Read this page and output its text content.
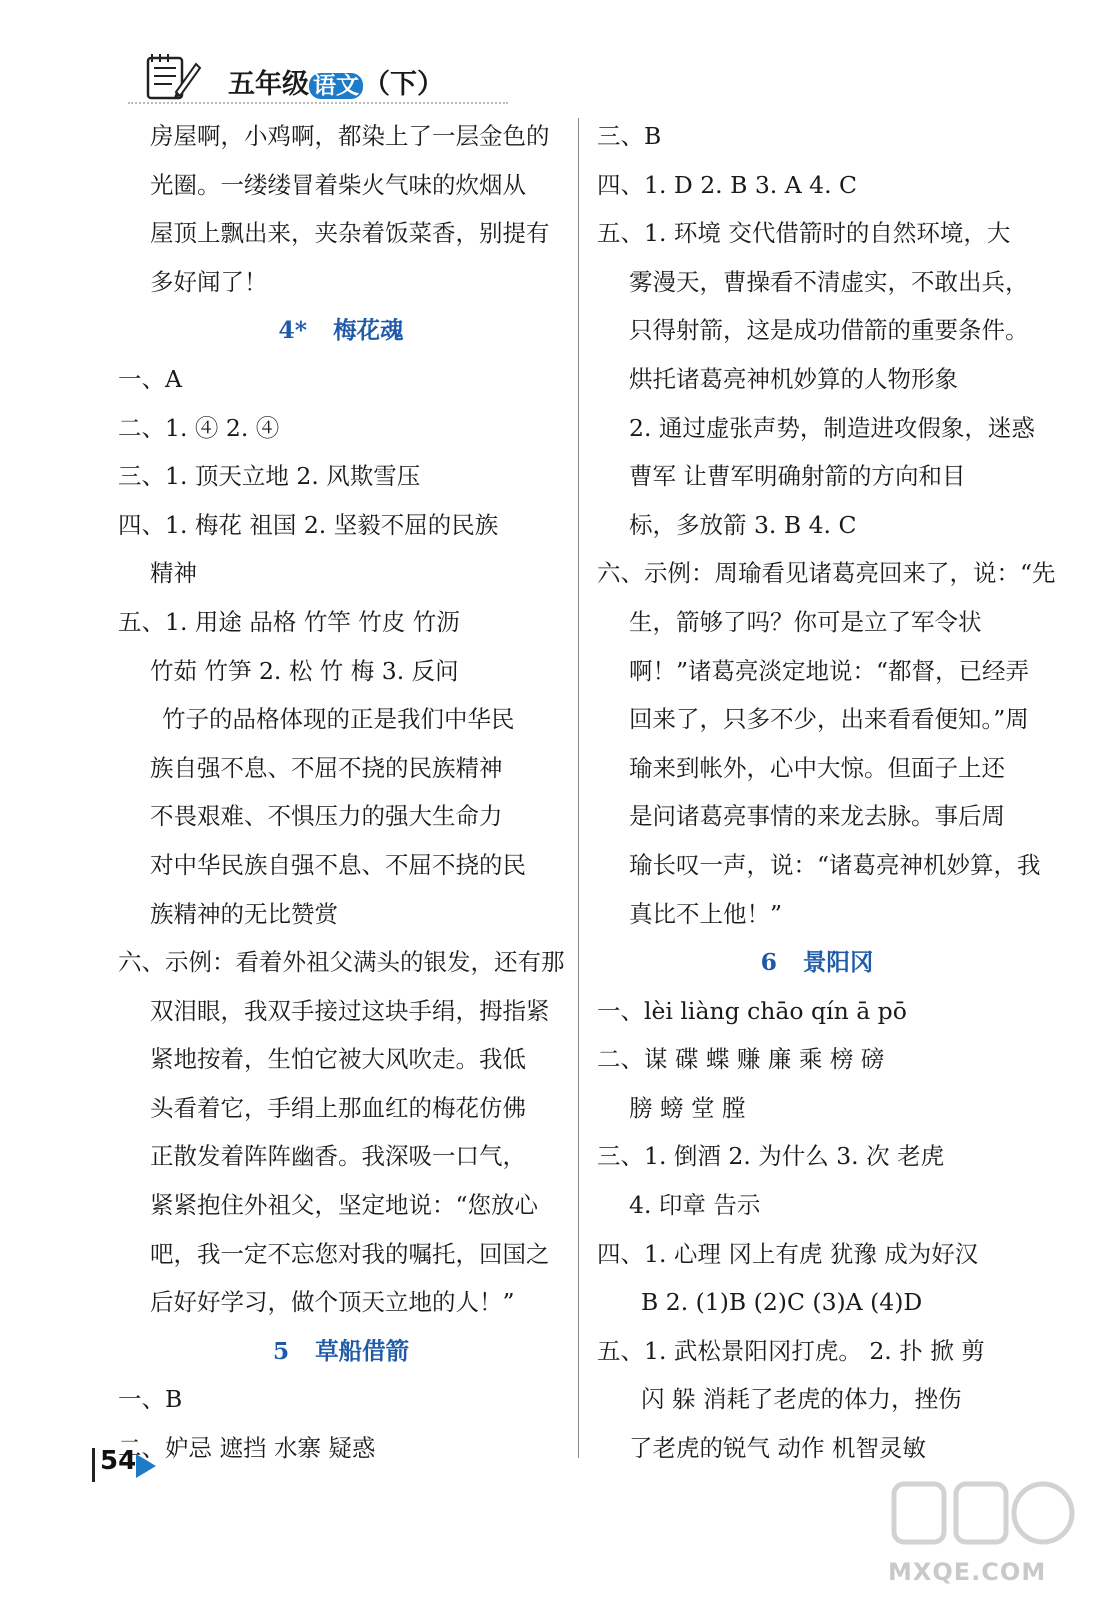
五年级 语文 （下）
房屋啊，小鸡啊，都染上了一层金色的
光圈。一缕缕冒着柴火气味的炊烟从
屋顶上飘出来，夹杂着饭菜香，别提有
多好闻了！
4* 梅花魂
一、A
二、1. ④ 2. ④
三、1. 顶天立地 2. 风欺雪压
四、1. 梅花 祖国 2. 坚毅不屈的民族
精神
五、1. 用途 品格 竹竿 竹皮 竹沥
竹茹 竹笋 2. 松 竹 梅 3. 反问
竹子的品格体现的正是我们中华民
族自强不息、不屈不挠的民族精神
不畏艰难、不惧压力的强大生命力
对中华民族自强不息、不屈不挠的民
族精神的无比赞赏
六、示例：看着外祖父满头的银发，还有那
双泪眼，我双手接过这块手绢，拇指紧
紧地按着，生怕它被大风吹走。我低
头看着它，手绢上那血红的梅花仿佛
正散发着阵阵幽香。我深吸一口气，
紧紧抱住外祖父，坚定地说：“您放心
吧，我一定不忘您对我的嘱托，回国之
后好好学习，做个顶天立地的人！”
5 草船借箭
一、B
二、妒忌 遮挡 水寨 疑惑
三、B
四、1. D 2. B 3. A 4. C
五、1. 环境 交代借箭时的自然环境，大
雾漫天，曹操看不清虚实，不敢出兵，
只得射箭，这是成功借箭的重要条件。
烘托诸葛亮神机妙算的人物形象
2. 通过虚张声势，制造进攻假象，迷惑
曹军 让曹军明确射箭的方向和目
标，多放箭 3. B 4. C
六、示例：周瑜看见诸葛亮回来了，说：“先
生，箭够了吗？你可是立了军令状
啊！”诸葛亮淡定地说：“都督，已经弄
回来了，只多不少，出来看看便知。”周
瑜来到帐外，心中大惊。但面子上还
是问诸葛亮事情的来龙去脉。事后周
瑜长叹一声，说：“诸葛亮神机妙算，我
真比不上他！”
6 景阳冈
一、lèi liàng chāo qín ā pō
二、谋 碟 蝶 赚 廉 乘 榜 磅
膀 螃 堂 膛
三、1. 倒酒 2. 为什么 3. 次 老虎
4. 印章 告示
四、1. 心理 冈上有虎 犹豫 成为好汉
B 2. (1)B (2)C (3)A (4)D
五、1. 武松景阳冈打虎。 2. 扑 掀 剪
闪 躲 消耗了老虎的体力，挫伤
了老虎的锐气 动作 机智灵敏
54
MXQE.COM
